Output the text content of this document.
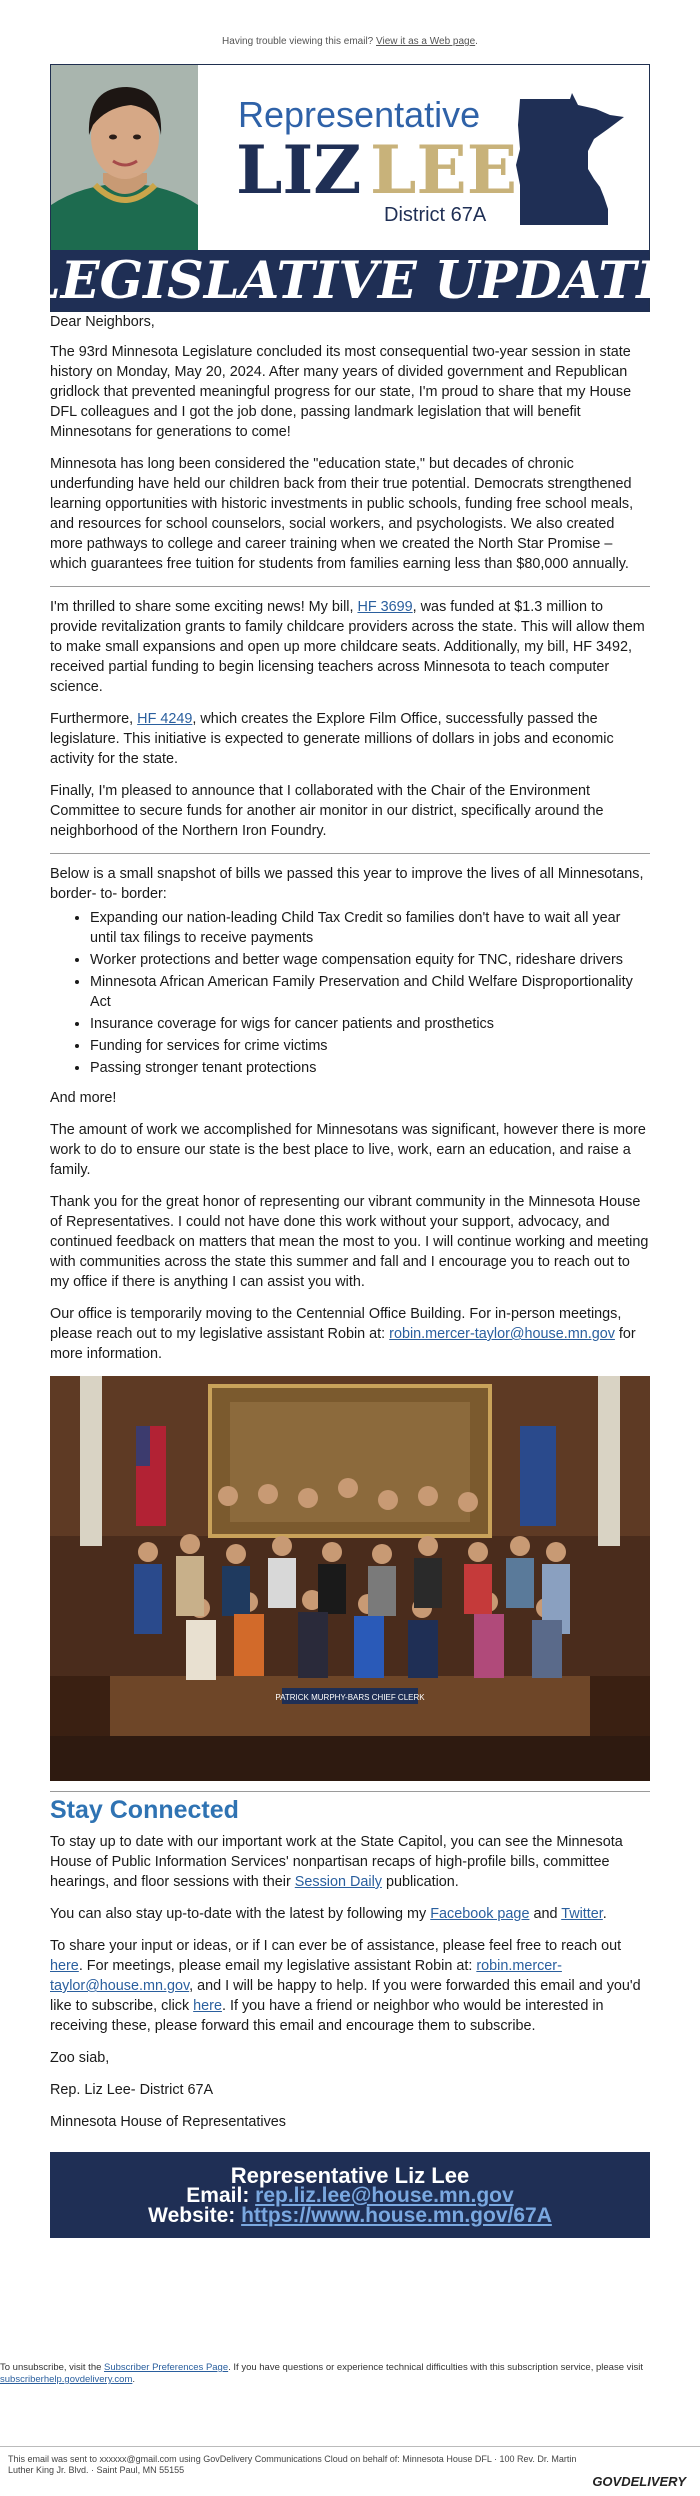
Having trouble viewing this email? View it as a Web page.
Representative
LIZ LEE
District 67A
LEGISLATIVE UPDATE

Dear Neighbors,

The 93rd Minnesota Legislature concluded its most consequential two-year session in state history on Monday, May 20, 2024. After many years of divided government and Republican gridlock that prevented meaningful progress for our state, I'm proud to share that my House DFL colleagues and I got the job done, passing landmark legislation that will benefit Minnesotans for generations to come!

Minnesota has long been considered the "education state," but decades of chronic underfunding have held our children back from their true potential. Democrats strengthened learning opportunities with historic investments in public schools, funding free school meals, and resources for school counselors, social workers, and psychologists. We also created more pathways to college and career training when we created the North Star Promise – which guarantees free tuition for students from families earning less than $80,000 annually.

I'm thrilled to share some exciting news! My bill, HF 3699, was funded at $1.3 million to provide revitalization grants to family childcare providers across the state. This will allow them to make small expansions and open up more childcare seats. Additionally, my bill, HF 3492, received partial funding to begin licensing teachers across Minnesota to teach computer science.

Furthermore, HF 4249, which creates the Explore Film Office, successfully passed the legislature. This initiative is expected to generate millions of dollars in jobs and economic activity for the state.

Finally, I'm pleased to announce that I collaborated with the Chair of the Environment Committee to secure funds for another air monitor in our district, specifically around the neighborhood of the Northern Iron Foundry.

Below is a small snapshot of bills we passed this year to improve the lives of all Minnesotans, border- to- border:

• Expanding our nation-leading Child Tax Credit so families don't have to wait all year until tax filings to receive payments
• Worker protections and better wage compensation equity for TNC, rideshare drivers
• Minnesota African American Family Preservation and Child Welfare Disproportionality Act
• Insurance coverage for wigs for cancer patients and prosthetics
• Funding for services for crime victims
• Passing stronger tenant protections

And more!

The amount of work we accomplished for Minnesotans was significant, however there is more work to do to ensure our state is the best place to live, work, earn an education, and raise a family.

Thank you for the great honor of representing our vibrant community in the Minnesota House of Representatives. I could not have done this work without your support, advocacy, and continued feedback on matters that mean the most to you. I will continue working and meeting with communities across the state this summer and fall and I encourage you to reach out to my office if there is anything I can assist you with.

Our office is temporarily moving to the Centennial Office Building. For in-person meetings, please reach out to my legislative assistant Robin at: robin.mercer-taylor@house.mn.gov for more information.

PATRICK MURPHY-BARS CHIEF CLERK
Stay Connected

To stay up to date with our important work at the State Capitol, you can see the Minnesota House of Public Information Services' nonpartisan recaps of high-profile bills, committee hearings, and floor sessions with their Session Daily publication.

You can also stay up-to-date with the latest by following my Facebook page and Twitter.

To share your input or ideas, or if I can ever be of assistance, please feel free to reach out here. For meetings, please email my legislative assistant Robin at: robin.mercer-taylor@house.mn.gov, and I will be happy to help. If you were forwarded this email and you'd like to subscribe, click here. If you have a friend or neighbor who would be interested in receiving these, please forward this email and encourage them to subscribe.

Zoo siab,

Rep. Liz Lee- District 67A

Minnesota House of Representatives

Representative Liz Lee
Email: rep.liz.lee@house.mn.gov
Website: https://www.house.mn.gov/67A
To unsubscribe, visit the Subscriber Preferences Page. If you have questions or experience technical difficulties with this subscription service, please visit subscriberhelp.govdelivery.com.
This email was sent to xxxxxx@gmail.com using GovDelivery Communications Cloud on behalf of: Minnesota House DFL · 100 Rev. Dr. Martin Luther King Jr. Blvd. · Saint Paul, MN 55155
GOVDELIVERY
